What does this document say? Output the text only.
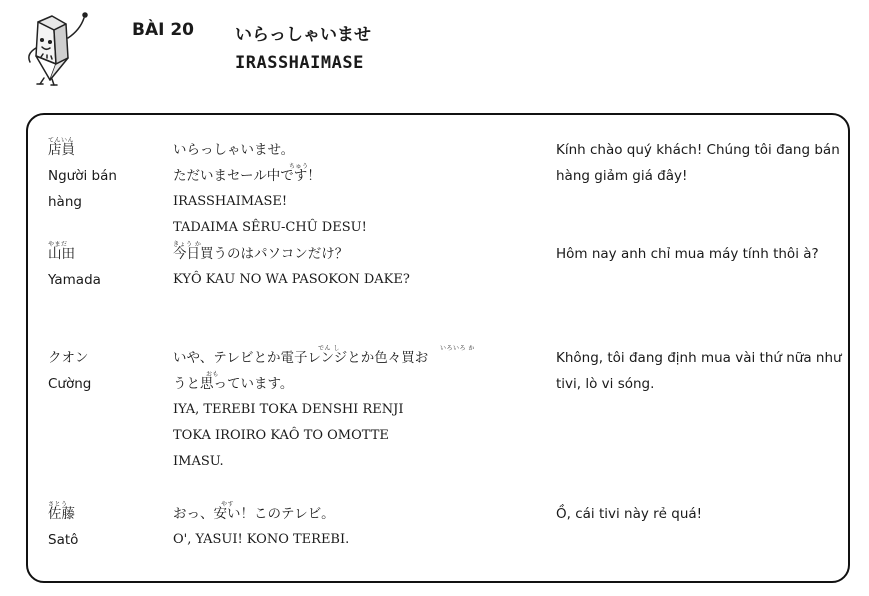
BÀI 20 いらっしゃいませ
IRASSHAIMASE
てんいん
店員
Người bán
hàng
いらっしゃいませ。
ちゅう
ただいまセール中です！
IRASSHAIMASE!
TADAIMA SÊRU-CHÛ DESU!
Kính chào quý khách! Chúng tôi đang bán hàng giảm giá đây!
やまだ
山田
Yamada
きょう か
今日買うのはパソコンだけ？
KYÔ KAU NO WA PASOKON DAKE?
Hôm nay anh chỉ mua máy tính thôi à?
クオン
Cường
でん し	いろいろ か
いや、テレビとか電子レンジとか色々買お
おも
うと思っています。
IYA, TEREBI TOKA DENSHI RENJI
TOKA IROIRO KAÔ TO OMOTTE
IMASU.
Không, tôi đang định mua vài thứ nữa như tivi, lò vi sóng.
さとう
佐藤
Satô
やす
おっ、安い！このテレビ。
O', YASUI! KONO TEREBI.
Ồ, cái tivi này rẻ quá!
